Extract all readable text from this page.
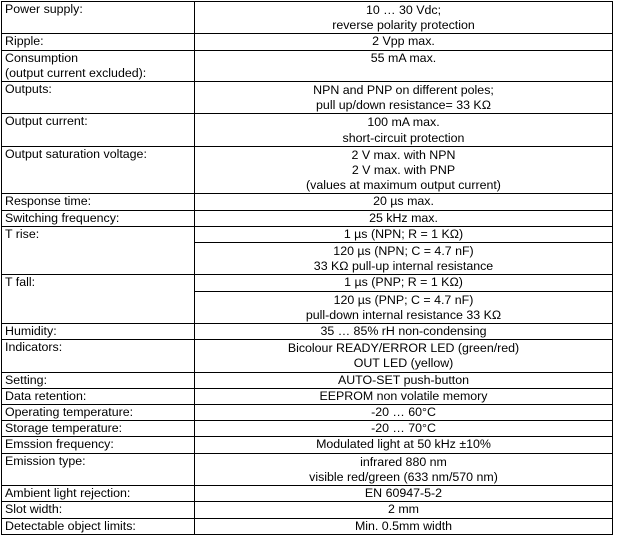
Power supply:	10 … 30 Vdc;
reverse polarity protection
Ripple:	2 Vpp max.
Consumption
(output current excluded):	55 mA max.
Outputs:	NPN and PNP on different poles;
pull up/down resistance= 33 KΩ
Output current:	100 mA max.
short-circuit protection
Output saturation voltage:	2 V max. with NPN
2 V max. with PNP
(values at maximum output current)
Response time:	20 µs max.
Switching frequency:	25 kHz max.
T rise:	1 µs (NPN; R = 1 KΩ)
	120 µs (NPN; C = 4.7 nF)
33 KΩ pull-up internal resistance
T fall:	1 µs (PNP; R = 1 KΩ)
	120 µs (PNP; C = 4.7 nF)
pull-down internal resistance 33 KΩ
Humidity:	35 … 85% rH non-condensing
Indicators:	Bicolour READY/ERROR LED (green/red)
OUT LED (yellow)
Setting:	AUTO-SET push-button
Data retention:	EEPROM non volatile memory
Operating temperature:	-20 … 60°C
Storage temperature:	-20 … 70°C
Emssion frequency:	Modulated light at 50 kHz ±10%
Emission type:	infrared 880 nm
visible red/green (633 nm/570 nm)
Ambient light rejection:	EN 60947-5-2
Slot width:	2 mm
Detectable object limits:	Min. 0.5mm width
